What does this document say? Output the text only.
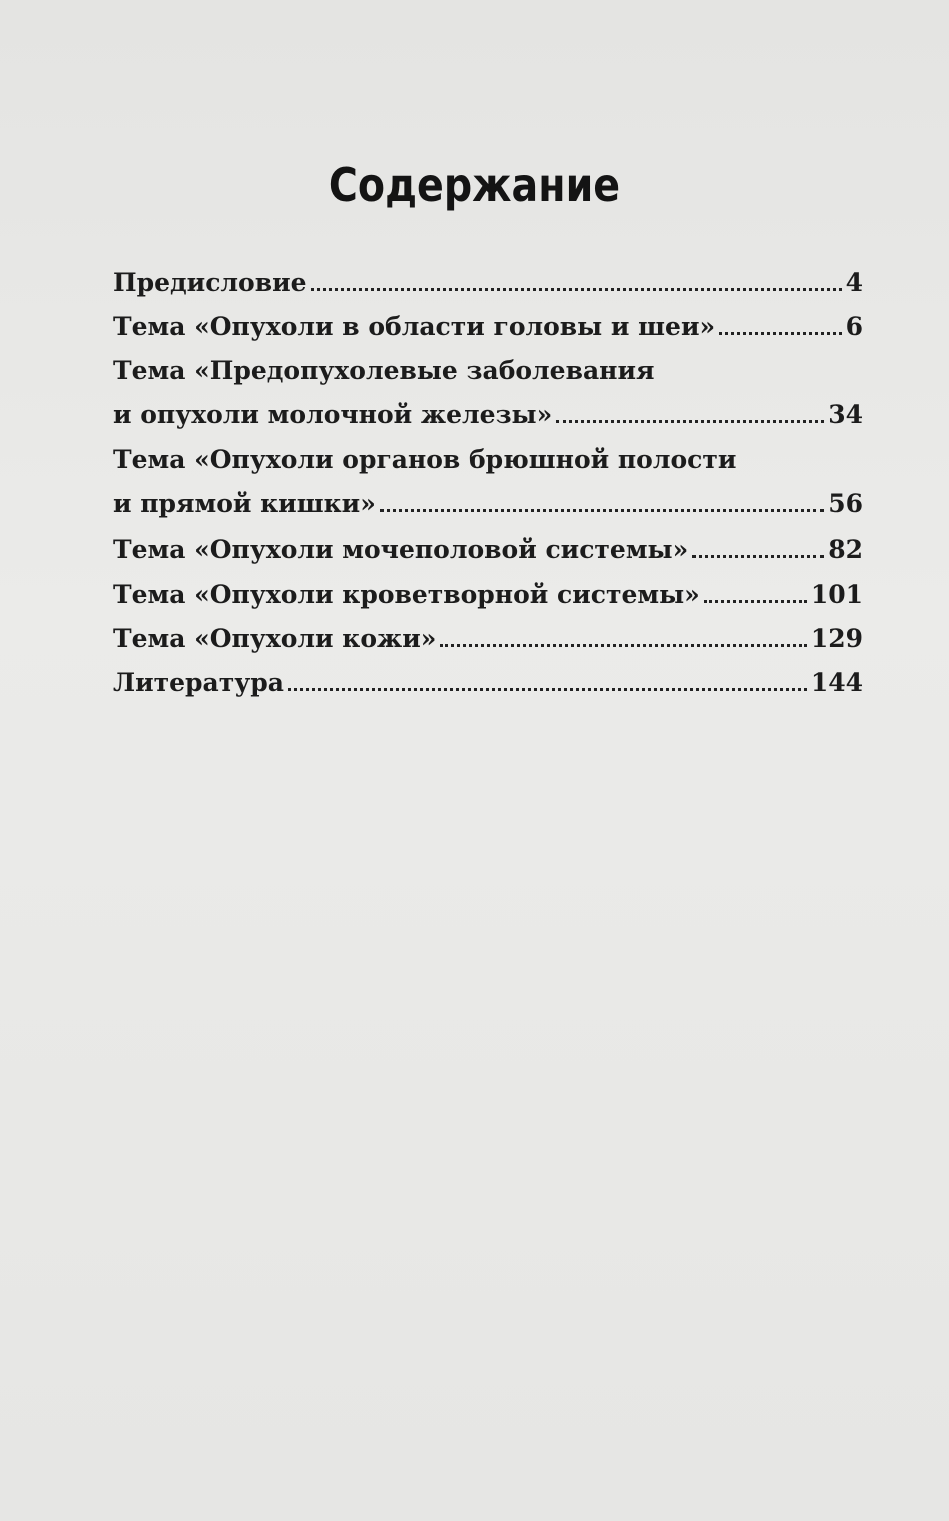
Содержание
Предисловие	4
Тема «Опухоли в области головы и шеи»	6
Тема «Предопухолевые заболевания
и опухоли молочной железы»	34
Тема «Опухоли органов брюшной полости
и прямой кишки»	56
Тема «Опухоли мочеполовой системы»	82
Тема «Опухоли кроветворной системы»	101
Тема «Опухоли кожи»	129
Литература	144
